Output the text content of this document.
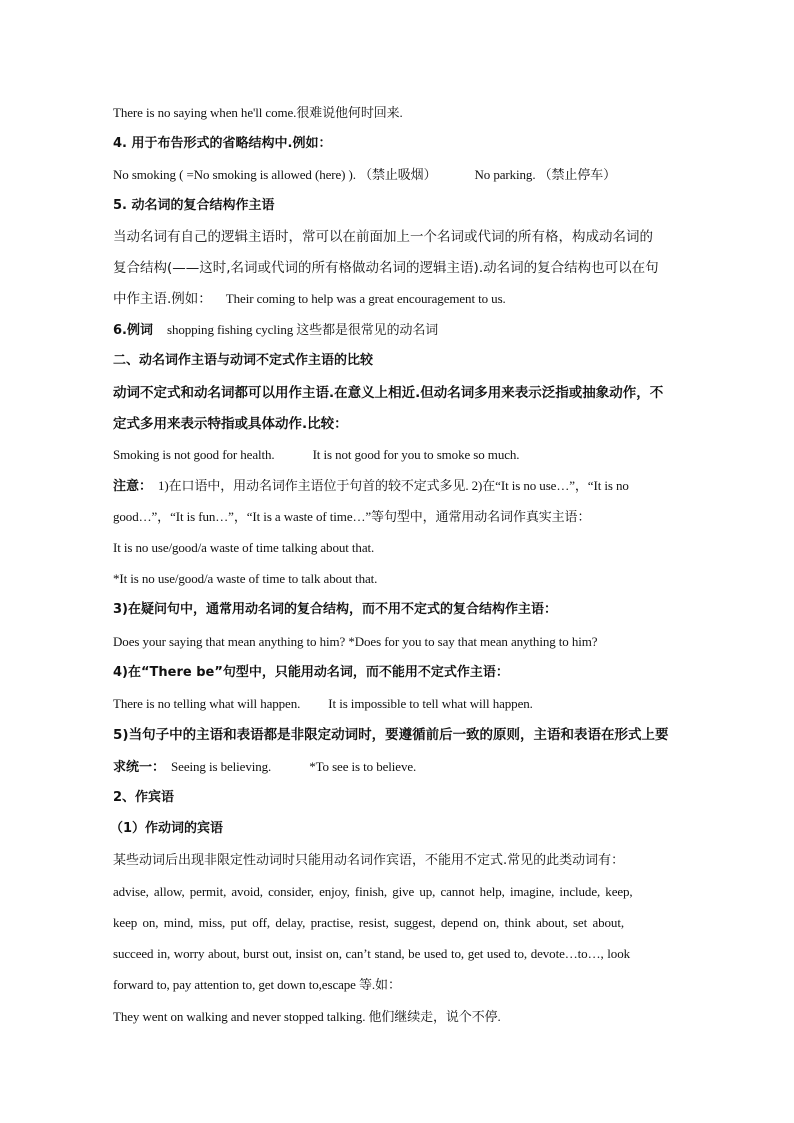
There is no saying when he'll come.很难说他何时回来.
4. 用于布告形式的省略结构中.例如：
No smoking ( =No smoking is allowed (here) ). （禁止吸烟）	No parking. （禁止停车）
5. 动名词的复合结构作主语
当动名词有自己的逻辑主语时，常可以在前面加上一个名词或代词的所有格，构成动名词的
复合结构(——这时,名词或代词的所有格做动名词的逻辑主语).动名词的复合结构也可以在句
中作主语.例如： Their coming to help was a great encouragement to us.
6.例词 shopping fishing cycling 这些都是很常见的动名词
二、动名词作主语与动词不定式作主语的比较
动词不定式和动名词都可以用作主语.在意义上相近.但动名词多用来表示泛指或抽象动作，不
定式多用来表示特指或具体动作.比较：
Smoking is not good for health.	It is not good for you to smoke so much.
注意： 1)在口语中，用动名词作主语位于句首的较不定式多见. 2)在“It is no use…”，“It is no
good…”，“It is fun…”，“It is a waste of time…”等句型中，通常用动名词作真实主语：
It is no use/good/a waste of time talking about that.
*It is no use/good/a waste of time to talk about that.
3)在疑问句中，通常用动名词的复合结构，而不用不定式的复合结构作主语：
Does your saying that mean anything to him? *Does for you to say that mean anything to him?
4)在“There be”句型中，只能用动名词，而不能用不定式作主语：
There is no telling what will happen. It is impossible to tell what will happen.
5)当句子中的主语和表语都是非限定动词时，要遵循前后一致的原则，主语和表语在形式上要
求统一： Seeing is believing.	*To see is to believe.
2、作宾语
（1）作动词的宾语
某些动词后出现非限定性动词时只能用动名词作宾语，不能用不定式.常见的此类动词有：
advise, allow, permit, avoid, consider, enjoy, finish, give up, cannot help, imagine, include, keep,
keep on, mind, miss, put off, delay, practise, resist, suggest, depend on, think about, set about,
succeed in, worry about, burst out, insist on, can’t stand, be used to, get used to, devote…to…, look
forward to, pay attention to, get down to,escape 等.如：
They went on walking and never stopped talking. 他们继续走，说个不停.
